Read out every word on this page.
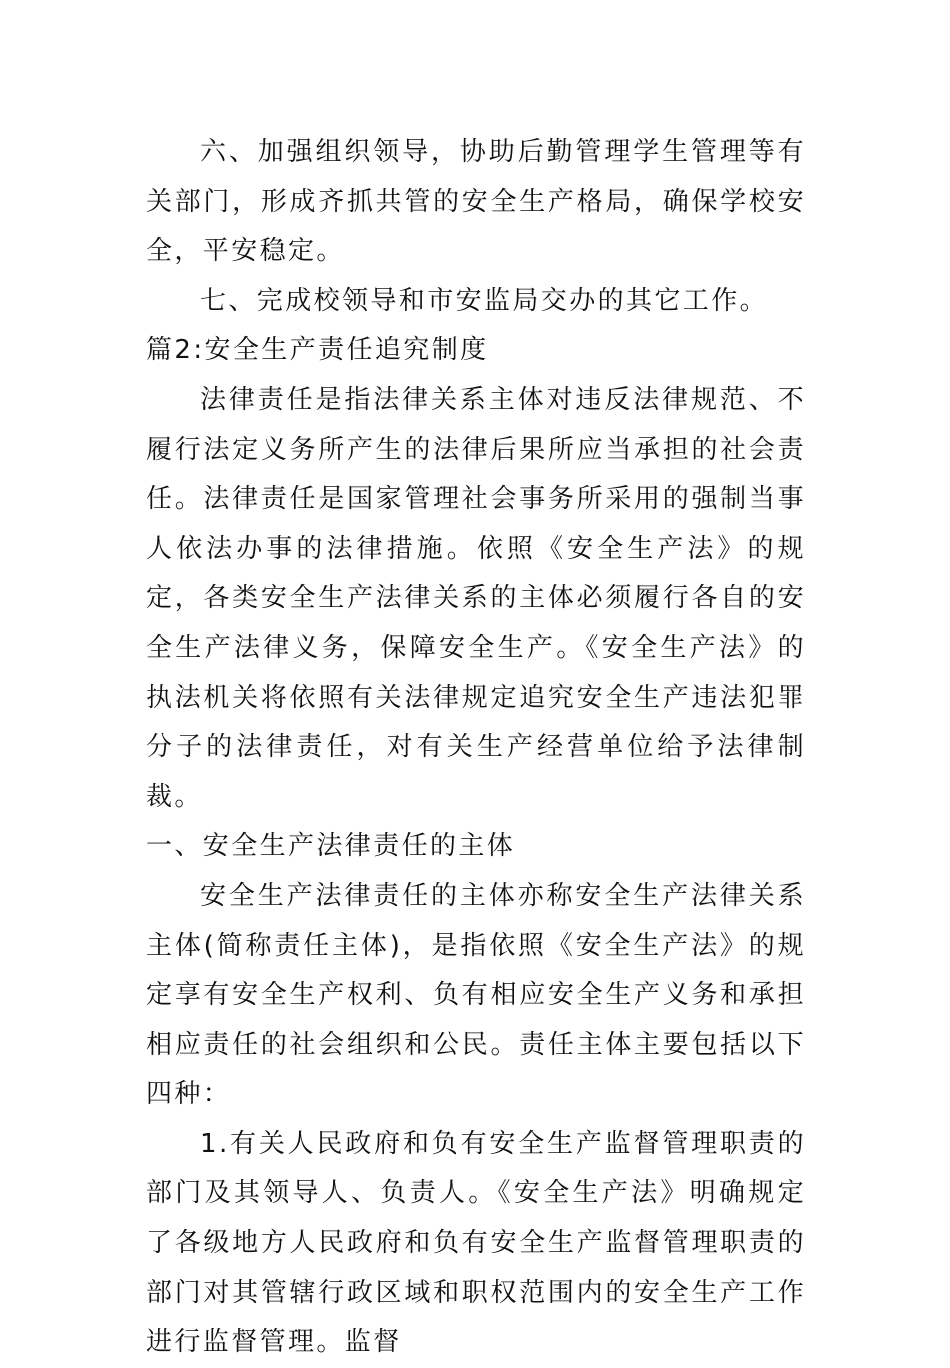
六、加强组织领导，协助后勤管理学生管理等有关部门，形成齐抓共管的安全生产格局，确保学校安全，平安稳定。

七、完成校领导和市安监局交办的其它工作。

篇2:安全生产责任追究制度

法律责任是指法律关系主体对违反法律规范、不履行法定义务所产生的法律后果所应当承担的社会责任。法律责任是国家管理社会事务所采用的强制当事人依法办事的法律措施。依照《安全生产法》的规定，各类安全生产法律关系的主体必须履行各自的安全生产法律义务，保障安全生产。《安全生产法》的执法机关将依照有关法律规定追究安全生产违法犯罪分子的法律责任，对有关生产经营单位给予法律制裁。

一、安全生产法律责任的主体

安全生产法律责任的主体亦称安全生产法律关系主体(简称责任主体)，是指依照《安全生产法》的规定享有安全生产权利、负有相应安全生产义务和承担相应责任的社会组织和公民。责任主体主要包括以下四种：

1.有关人民政府和负有安全生产监督管理职责的部门及其领导人、负责人。《安全生产法》明确规定了各级地方人民政府和负有安全生产监督管理职责的部门对其管辖行政区域和职权范围内的安全生产工作进行监督管理。监督
